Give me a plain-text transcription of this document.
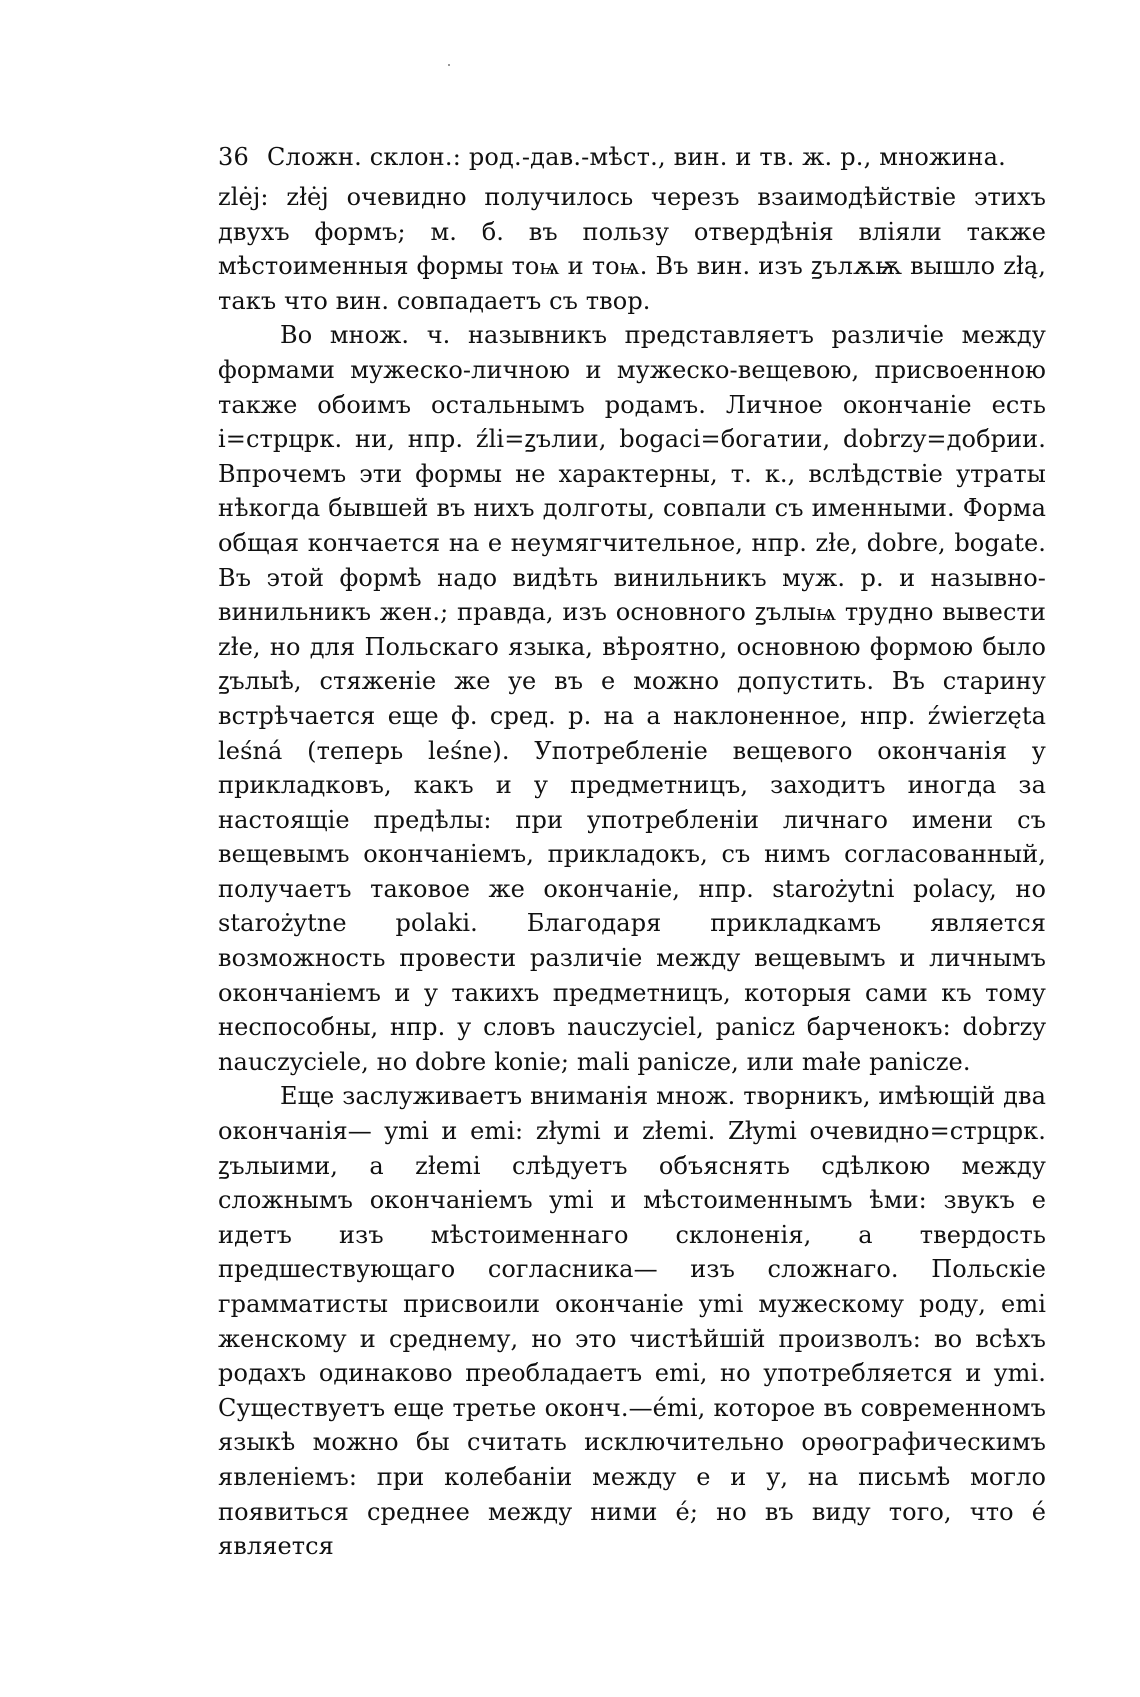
36 Сложн. склон.: род.-дав.-мѣст., вин. и тв. ж. р., множина.

zlėj: złėj очевидно получилось черезъ взаимодѣйствіе этихъ двухъ формъ; м. б. въ пользу отвердѣнія вліяли также мѣстоименныя формы тоѩ и тоѩ. Въ вин. изъ ꙁълѫѭ вышло złą, такъ что вин. совпадаетъ съ твор.

Во множ. ч. назывникъ представляетъ различіе между формами мужеско-личною и мужеско-вещевою, присвоенною также обоимъ остальнымъ родамъ. Личное окончаніе есть і=стрцрк. ни, нпр. źli=ꙁълии, bogaci=богатии, dobrzy=добрии. Впрочемъ эти формы не характерны, т. к., вслѣдствіе утраты нѣкогда бывшей въ нихъ долготы, совпали съ именными. Форма общая кончается на е неумягчительное, нпр. złe, dobre, bogate. Въ этой формѣ надо видѣть винильникъ муж. р. и назывно-винильникъ жен.; правда, изъ основного ꙁълыѩ трудно вывести złe, но для Польскаго языка, вѣроятно, основною формою было ꙁълыѣ, стяженіе же ye въ е можно допустить. Въ старину встрѣчается еще ф. сред. р. на a наклоненное, нпр. źwierzęta leśná (теперь leśne). Употребленіе вещевого окончанія у прикладковъ, какъ и у предметницъ, заходитъ иногда за настоящіе предѣлы: при употребленіи личнаго имени съ вещевымъ окончаніемъ, прикладокъ, съ нимъ согласованный, получаетъ таковое же окончаніе, нпр. starożytni polacy, но starożytne polaki. Благодаря прикладкамъ является возможность провести различіе между вещевымъ и личнымъ окончаніемъ и у такихъ предметницъ, которыя сами къ тому неспособны, нпр. у словъ nauczyciel, panicz барченокъ: dobrzy nauczyciele, но dobre konie; mali panicze, или małe panicze.

Еще заслуживаетъ вниманія множ. творникъ, имѣющій два окончанія— ymi и emi: złymi и złemi. Złymi очевидно=стрцрк. ꙁълыими, а złemi слѣдуетъ объяснять сдѣлкою между сложнымъ окончаніемъ ymi и мѣстоименнымъ ѣми: звукъ е идетъ изъ мѣстоименнаго склоненія, а твердость предшествующаго согласника— изъ сложнаго. Польскіе грамматисты присвоили окончаніе ymi мужескому роду, emi женскому и среднему, но это чистѣйшій произволъ: во всѣхъ родахъ одинаково преобладаетъ emi, но употребляется и ymi. Существуетъ еще третье оконч.—émi, которое въ современномъ языкѣ можно бы считать исключительно орѳографическимъ явленіемъ: при колебаніи между е и у, на письмѣ могло появиться среднее между ними é; но въ виду того, что é является
